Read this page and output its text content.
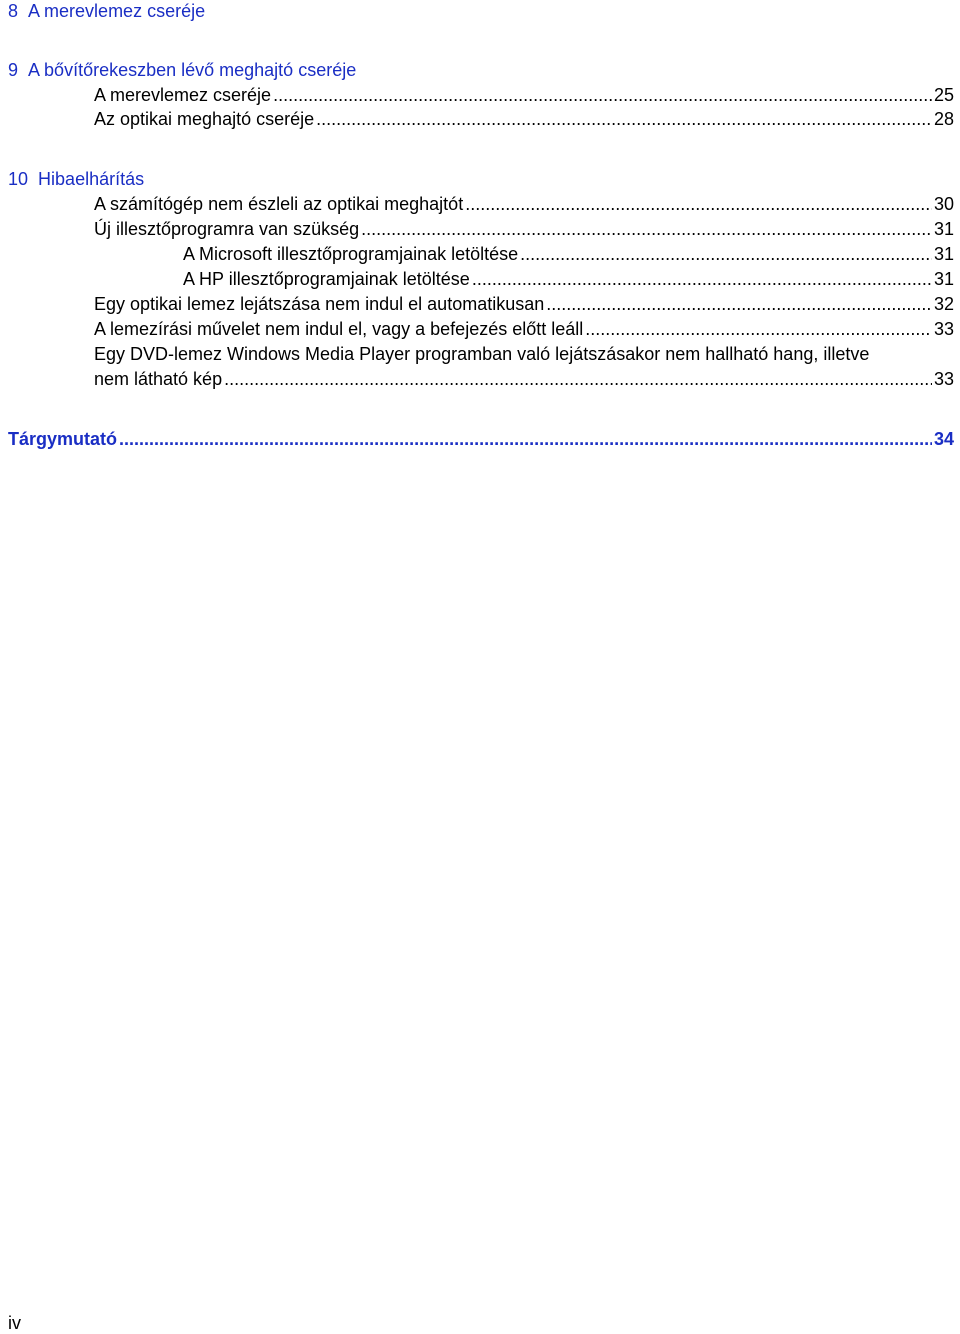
8 A merevlemez cseréje
9 A bővítőrekeszben lévő meghajtó cseréje
A merevlemez cseréje .....	25
Az optikai meghajtó cseréje .....	28
10 Hibaelhárítás
A számítógép nem észleli az optikai meghajtót .....	30
Új illesztőprogramra van szükség .....	31
A Microsoft illesztőprogramjainak letöltése .....	31
A HP illesztőprogramjainak letöltése .....	31
Egy optikai lemez lejátszása nem indul el automatikusan .....	32
A lemezírási művelet nem indul el, vagy a befejezés előtt leáll .....	33
Egy DVD-lemez Windows Media Player programban való lejátszásakor nem hallható hang, illetve
nem látható kép .....	33
Tárgymutató .....	34
iv
